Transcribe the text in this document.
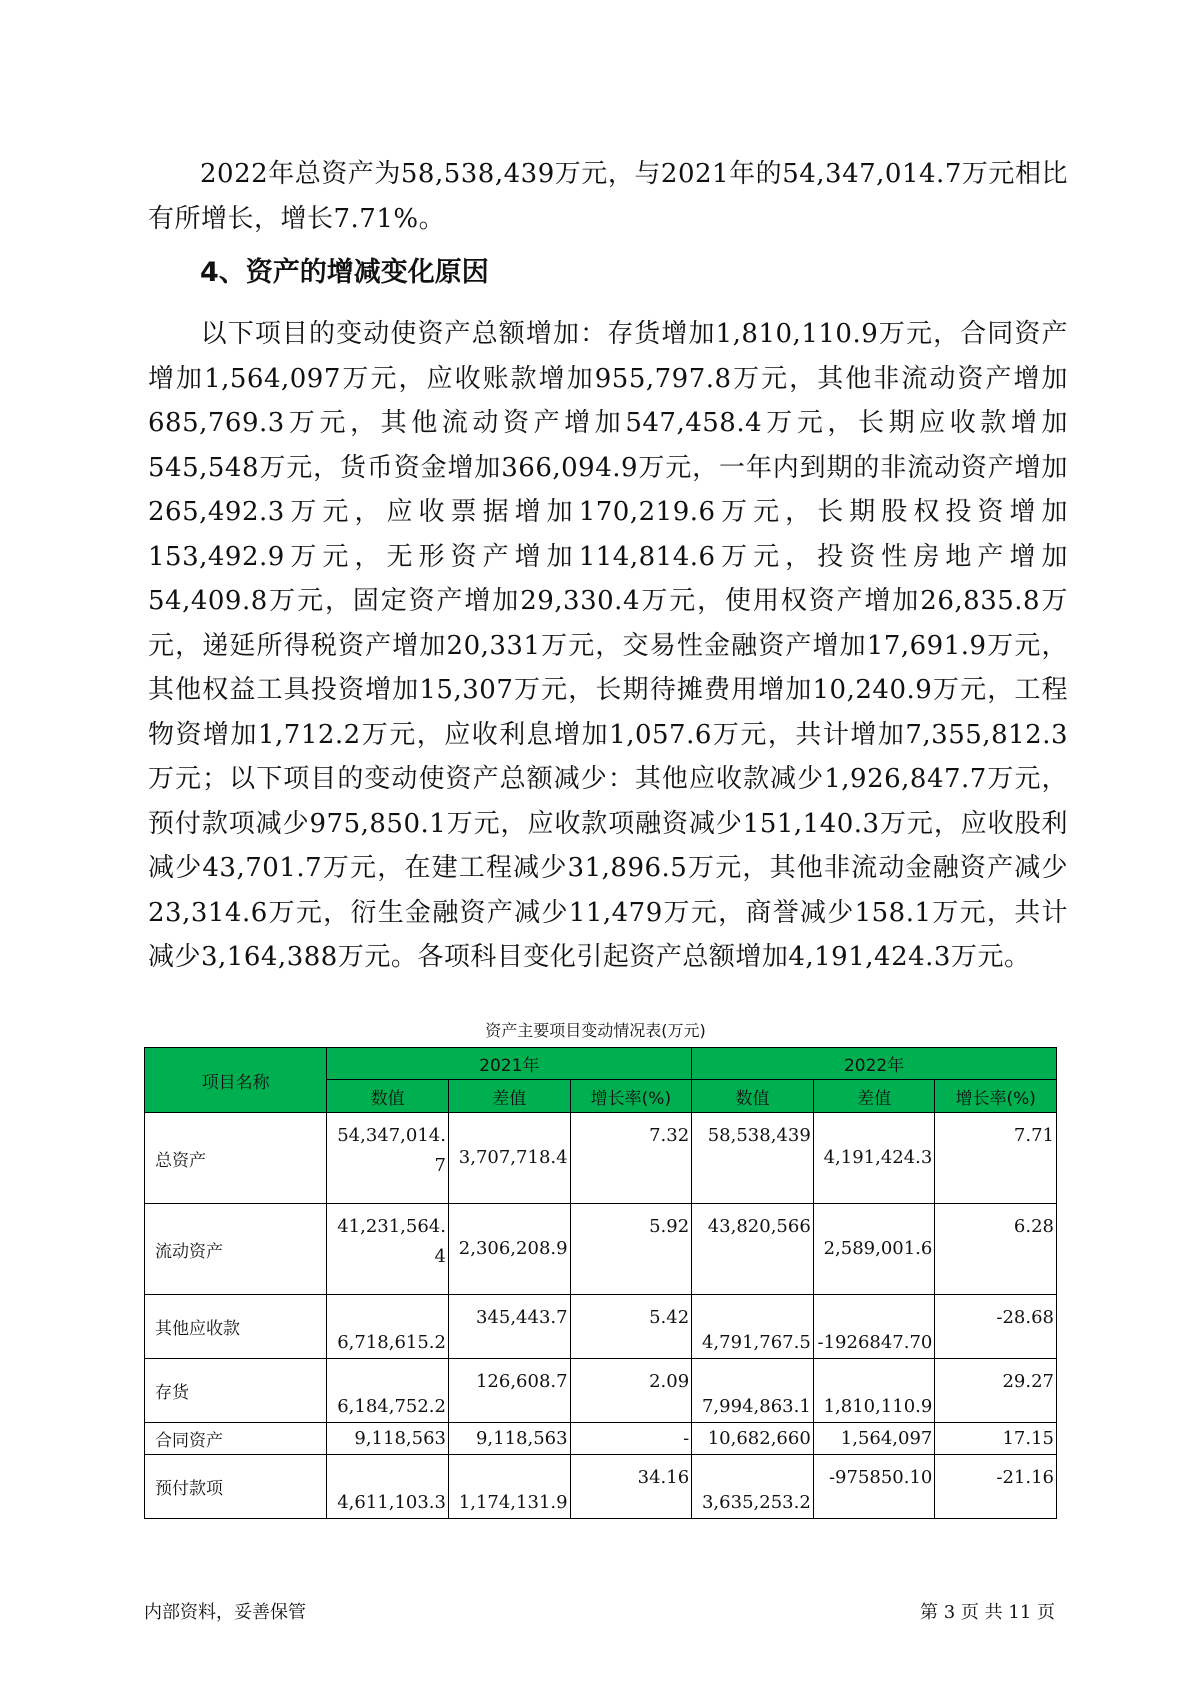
2022年总资产为58,538,439万元，与2021年的54,347,014.7万元相比有所增长，增长7.71%。

4、资产的增减变化原因

以下项目的变动使资产总额增加：存货增加1,810,110.9万元，合同资产增加1,564,097万元，应收账款增加955,797.8万元，其他非流动资产增加685,769.3万元，其他流动资产增加547,458.4万元，长期应收款增加545,548万元，货币资金增加366,094.9万元，一年内到期的非流动资产增加265,492.3万元，应收票据增加170,219.6万元，长期股权投资增加153,492.9万元，无形资产增加114,814.6万元，投资性房地产增加54,409.8万元，固定资产增加29,330.4万元，使用权资产增加26,835.8万元，递延所得税资产增加20,331万元，交易性金融资产增加17,691.9万元，其他权益工具投资增加15,307万元，长期待摊费用增加10,240.9万元，工程物资增加1,712.2万元，应收利息增加1,057.6万元，共计增加7,355,812.3万元；以下项目的变动使资产总额减少：其他应收款减少1,926,847.7万元，预付款项减少975,850.1万元，应收款项融资减少151,140.3万元，应收股利减少43,701.7万元，在建工程减少31,896.5万元，其他非流动金融资产减少23,314.6万元，衍生金融资产减少11,479万元，商誉减少158.1万元，共计减少3,164,388万元。各项科目变化引起资产总额增加4,191,424.3万元。

资产主要项目变动情况表(万元)

项目名称	2021年			2022年		
	数值	差值	增长率(%)	数值	差值	增长率(%)
总资产	54,347,014.7	3,707,718.4	7.32	58,538,439	4,191,424.3	7.71
流动资产	41,231,564.4	2,306,208.9	5.92	43,820,566	2,589,001.6	6.28
其他应收款	6,718,615.2	345,443.7	5.42	4,791,767.5	-1926847.70	-28.68
存货	6,184,752.2	126,608.7	2.09	7,994,863.1	1,810,110.9	29.27
合同资产	9,118,563	9,118,563	-	10,682,660	1,564,097	17.15
预付款项	4,611,103.3	1,174,131.9	34.16	3,635,253.2	-975850.10	-21.16

内部资料，妥善保管	第 3 页 共 11 页
